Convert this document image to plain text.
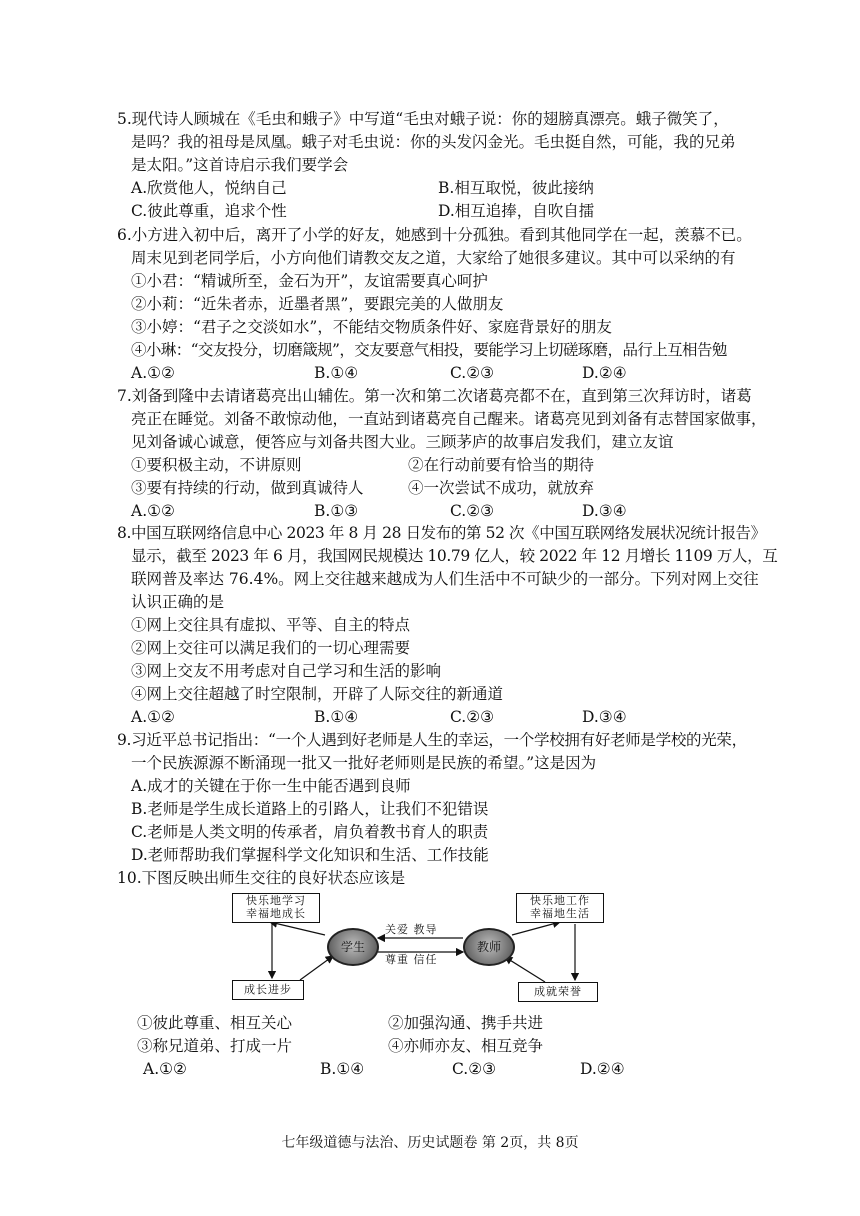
5.现代诗人顾城在《毛虫和蛾子》中写道“毛虫对蛾子说：你的翅膀真漂亮。蛾子微笑了，
是吗？我的祖母是凤凰。蛾子对毛虫说：你的头发闪金光。毛虫挺自然，可能，我的兄弟
是太阳。”这首诗启示我们要学会
A.欣赏他人，悦纳自己	B.相互取悦，彼此接纳
C.彼此尊重，追求个性	D.相互追捧，自吹自擂
6.小方进入初中后，离开了小学的好友，她感到十分孤独。看到其他同学在一起，羡慕不已。
周末见到老同学后，小方向他们请教交友之道，大家给了她很多建议。其中可以采纳的有
①小君：“精诚所至，金石为开”，友谊需要真心呵护
②小莉：“近朱者赤，近墨者黑”，要跟完美的人做朋友
③小婷：“君子之交淡如水”，不能结交物质条件好、家庭背景好的朋友
④小琳：“交友投分，切磨箴规”，交友要意气相投，要能学习上切磋琢磨，品行上互相告勉
A.①②	B.①④	C.②③	D.②④
7.刘备到隆中去请诸葛亮出山辅佐。第一次和第二次诸葛亮都不在，直到第三次拜访时，诸葛
亮正在睡觉。刘备不敢惊动他，一直站到诸葛亮自己醒来。诸葛亮见到刘备有志替国家做事，
见刘备诚心诚意，便答应与刘备共图大业。三顾茅庐的故事启发我们，建立友谊
①要积极主动，不讲原则	②在行动前要有恰当的期待
③要有持续的行动，做到真诚待人	④一次尝试不成功，就放弃
A.①②	B.①③	C.②③	D.③④
8.中国互联网络信息中心 2023 年 8 月 28 日发布的第 52 次《中国互联网络发展状况统计报告》
显示，截至 2023 年 6 月，我国网民规模达 10.79 亿人，较 2022 年 12 月增长 1109 万人，互
联网普及率达 76.4%。网上交往越来越成为人们生活中不可缺少的一部分。下列对网上交往
认识正确的是
①网上交往具有虚拟、平等、自主的特点
②网上交往可以满足我们的一切心理需要
③网上交友不用考虑对自己学习和生活的影响
④网上交往超越了时空限制，开辟了人际交往的新通道
A.①②	B.①④	C.②③	D.③④
9.习近平总书记指出：“一个人遇到好老师是人生的幸运，一个学校拥有好老师是学校的光荣，
一个民族源源不断涌现一批又一批好老师则是民族的希望。”这是因为
A.成才的关键在于你一生中能否遇到良师
B.老师是学生成长道路上的引路人，让我们不犯错误
C.老师是人类文明的传承者，肩负着教书育人的职责
D.老师帮助我们掌握科学文化知识和生活、工作技能
10.下图反映出师生交往的良好状态应该是
快乐地学习
幸福地成长
快乐地工作
幸福地生活
成长进步	成就荣誉
学生	教师
关爱 教导
尊重 信任
①彼此尊重、相互关心	②加强沟通、携手共进
③称兄道弟、打成一片	④亦师亦友、相互竞争
A.①②	B.①④	C.②③	D.②④
七年级道德与法治、历史试题卷 第 2页，共 8页
